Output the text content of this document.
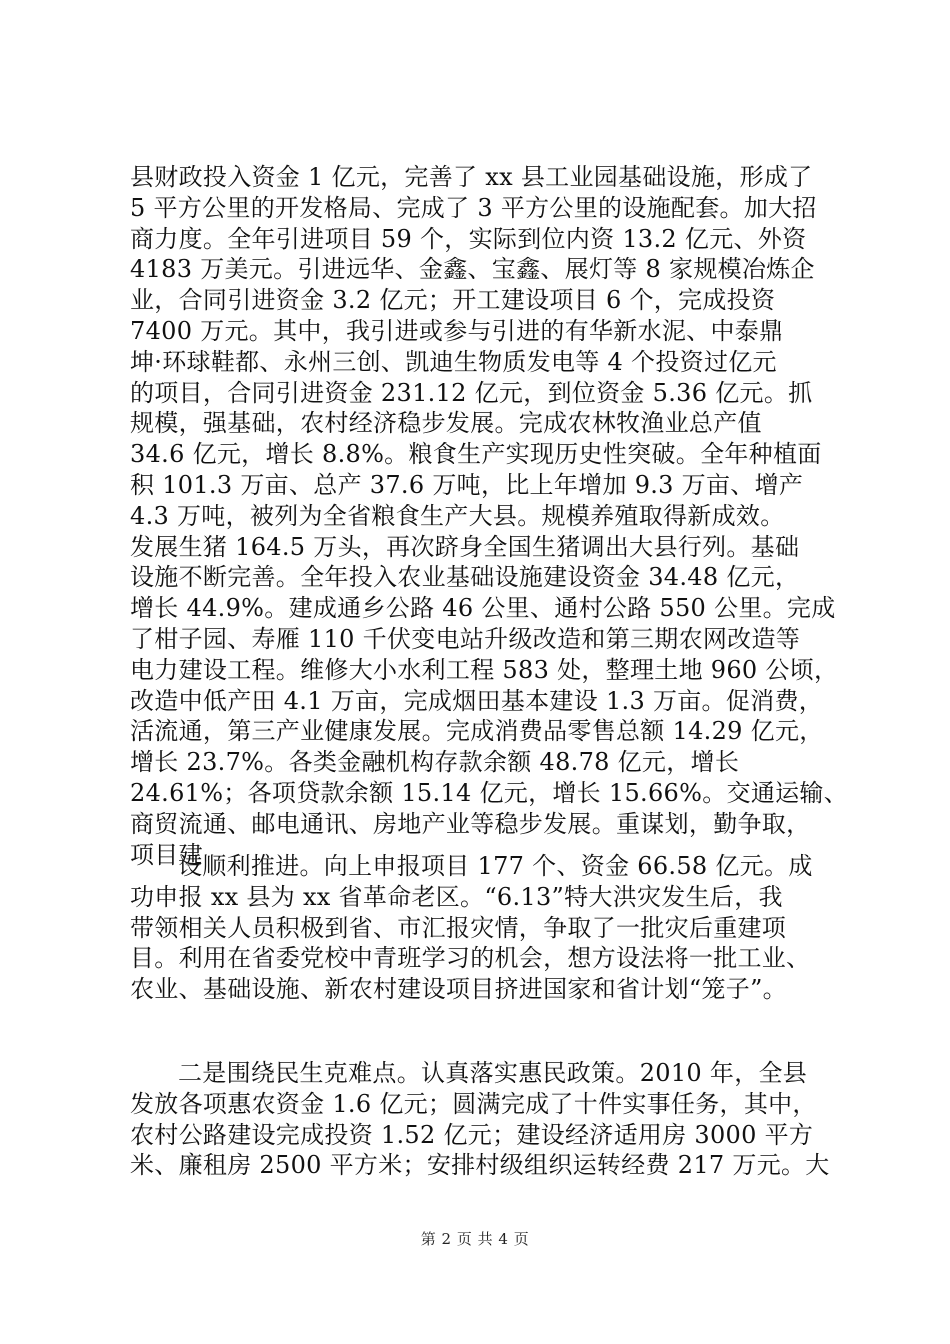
县财政投入资金 1 亿元，完善了 xx 县工业园基础设施，形成了
5 平方公里的开发格局、完成了 3 平方公里的设施配套。加大招
商力度。全年引进项目 59 个，实际到位内资 13.2 亿元、外资
4183 万美元。引进远华、金鑫、宝鑫、展灯等 8 家规模冶炼企
业，合同引进资金 3.2 亿元；开工建设项目 6 个，完成投资
7400 万元。其中，我引进或参与引进的有华新水泥、中泰鼎
坤·环球鞋都、永州三创、凯迪生物质发电等 4 个投资过亿元
的项目，合同引进资金 231.12 亿元，到位资金 5.36 亿元。抓
规模，强基础，农村经济稳步发展。完成农林牧渔业总产值
34.6 亿元，增长 8.8%。粮食生产实现历史性突破。全年种植面
积 101.3 万亩、总产 37.6 万吨，比上年增加 9.3 万亩、增产
4.3 万吨，被列为全省粮食生产大县。规模养殖取得新成效。
发展生猪 164.5 万头，再次跻身全国生猪调出大县行列。基础
设施不断完善。全年投入农业基础设施建设资金 34.48 亿元，
增长 44.9%。建成通乡公路 46 公里、通村公路 550 公里。完成
了柑子园、寿雁 110 千伏变电站升级改造和第三期农网改造等
电力建设工程。维修大小水利工程 583 处，整理土地 960 公顷，
改造中低产田 4.1 万亩，完成烟田基本建设 1.3 万亩。促消费，
活流通，第三产业健康发展。完成消费品零售总额 14.29 亿元，
增长 23.7%。各类金融机构存款余额 48.78 亿元，增长
24.61%；各项贷款余额 15.14 亿元，增长 15.66%。交通运输、
商贸流通、邮电通讯、房地产业等稳步发展。重谋划，勤争取，
项目建
设顺利推进。向上申报项目 177 个、资金 66.58 亿元。成
功申报 xx 县为 xx 省革命老区。“6.13”特大洪灾发生后，我
带领相关人员积极到省、市汇报灾情，争取了一批灾后重建项
目。利用在省委党校中青班学习的机会，想方设法将一批工业、
农业、基础设施、新农村建设项目挤进国家和省计划“笼子”。
二是围绕民生克难点。认真落实惠民政策。2010 年，全县
发放各项惠农资金 1.6 亿元；圆满完成了十件实事任务，其中，
农村公路建设完成投资 1.52 亿元；建设经济适用房 3000 平方
米、廉租房 2500 平方米；安排村级组织运转经费 217 万元。大
第 2 页 共 4 页
